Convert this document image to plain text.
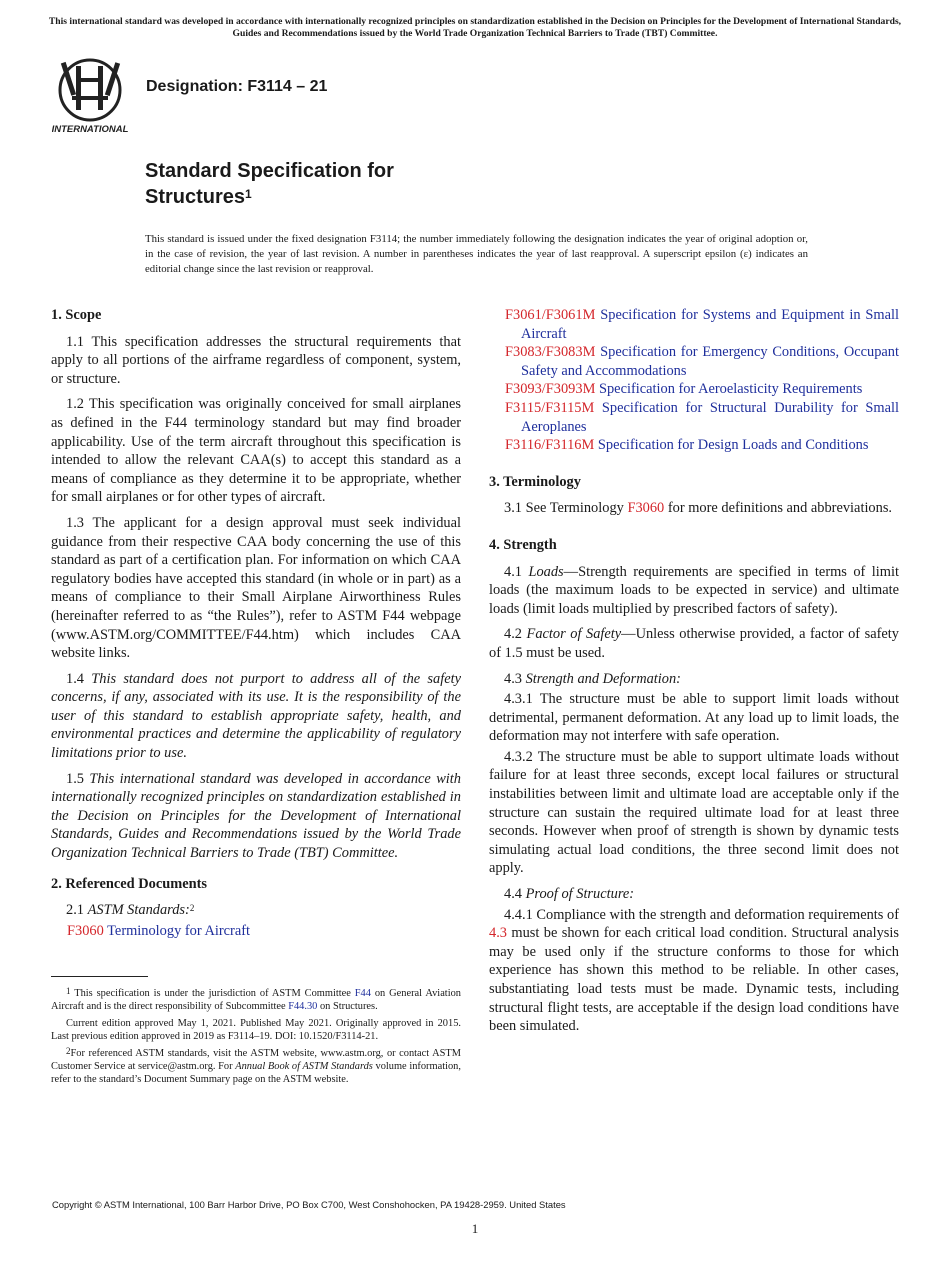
This international standard was developed in accordance with internationally recognized principles on standardization established in the Decision on Principles for the Development of International Standards, Guides and Recommendations issued by the World Trade Organization Technical Barriers to Trade (TBT) Committee.
INTERNATIONAL
Designation: F3114 – 21
Standard Specification for
Structures$^1$
This standard is issued under the fixed designation F3114; the number immediately following the designation indicates the year of original adoption or, in the case of revision, the year of last revision. A number in parentheses indicates the year of last reapproval. A superscript epsilon (ε) indicates an editorial change since the last revision or reapproval.
1. Scope

1.1 This specification addresses the structural requirements that apply to all portions of the airframe regardless of component, system, or structure.

1.2 This specification was originally conceived for small airplanes as defined in the F44 terminology standard but may find broader applicability. Use of the term aircraft throughout this specification is intended to allow the relevant CAA(s) to accept this standard as a means of compliance as they determine it to be appropriate, whether for small airplanes or for other types of aircraft.

1.3 The applicant for a design approval must seek individual guidance from their respective CAA body concerning the use of this standard as part of a certification plan. For information on which CAA regulatory bodies have accepted this standard (in whole or in part) as a means of compliance to their Small Airplane Airworthiness Rules (hereinafter referred to as “the Rules”), refer to ASTM F44 webpage (www.ASTM.org/COMMITTEE/F44.htm) which includes CAA website links.

1.4 This standard does not purport to address all of the safety concerns, if any, associated with its use. It is the responsibility of the user of this standard to establish appropriate safety, health, and environmental practices and determine the applicability of regulatory limitations prior to use.

1.5 This international standard was developed in accordance with internationally recognized principles on standardization established in the Decision on Principles for the Development of International Standards, Guides and Recommendations issued by the World Trade Organization Technical Barriers to Trade (TBT) Committee.

2. Referenced Documents

2.1 ASTM Standards:$^2$

F3060 Terminology for Aircraft
F3061/F3061M Specification for Systems and Equipment in Small Aircraft
F3083/F3083M Specification for Emergency Conditions, Occupant Safety and Accommodations
F3093/F3093M Specification for Aeroelasticity Requirements
F3115/F3115M Specification for Structural Durability for Small Aeroplanes
F3116/F3116M Specification for Design Loads and Conditions
3. Terminology

3.1 See Terminology F3060 for more definitions and abbreviations.

4. Strength

4.1 Loads—Strength requirements are specified in terms of limit loads (the maximum loads to be expected in service) and ultimate loads (limit loads multiplied by prescribed factors of safety).

4.2 Factor of Safety—Unless otherwise provided, a factor of safety of 1.5 must be used.

4.3 Strength and Deformation:

4.3.1 The structure must be able to support limit loads without detrimental, permanent deformation. At any load up to limit loads, the deformation may not interfere with safe operation.

4.3.2 The structure must be able to support ultimate loads without failure for at least three seconds, except local failures or structural instabilities between limit and ultimate load are acceptable only if the structure can sustain the required ultimate load for at least three seconds. However when proof of strength is shown by dynamic tests simulating actual load conditions, the three second limit does not apply.

4.4 Proof of Structure:

4.4.1 Compliance with the strength and deformation requirements of 4.3 must be shown for each critical load condition. Structural analysis may be used only if the structure conforms to those for which experience has shown this method to be reliable. In other cases, substantiating load tests must be made. Dynamic tests, including structural flight tests, are acceptable if the design load conditions have been simulated.

$^1$ This specification is under the jurisdiction of ASTM Committee F44 on General Aviation Aircraft and is the direct responsibility of Subcommittee F44.30 on Structures.

Current edition approved May 1, 2021. Published May 2021. Originally approved in 2015. Last previous edition approved in 2019 as F3114–19. DOI: 10.1520/F3114-21.

$^2$For referenced ASTM standards, visit the ASTM website, www.astm.org, or contact ASTM Customer Service at service@astm.org. For Annual Book of ASTM Standards volume information, refer to the standard’s Document Summary page on the ASTM website.

Copyright © ASTM International, 100 Barr Harbor Drive, PO Box C700, West Conshohocken, PA 19428-2959. United States
1
